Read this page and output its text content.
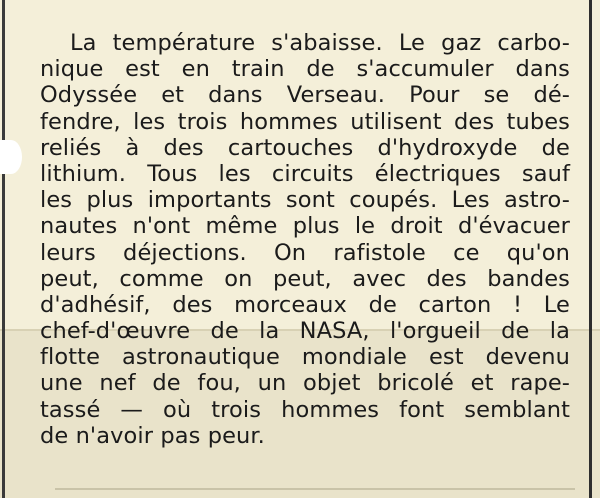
La température s'abaisse. Le gaz carbo-
nique est en train de s'accumuler dans
Odyssée et dans Verseau. Pour se dé-
fendre, les trois hommes utilisent des tubes
reliés à des cartouches d'hydroxyde de
lithium. Tous les circuits électriques sauf
les plus importants sont coupés. Les astro-
nautes n'ont même plus le droit d'évacuer
leurs déjections. On rafistole ce qu'on
peut, comme on peut, avec des bandes
d'adhésif, des morceaux de carton ! Le
chef-d'œuvre de la NASA, l'orgueil de la
flotte astronautique mondiale est devenu
une nef de fou, un objet bricolé et rape-
tassé — où trois hommes font semblant
de n'avoir pas peur.
